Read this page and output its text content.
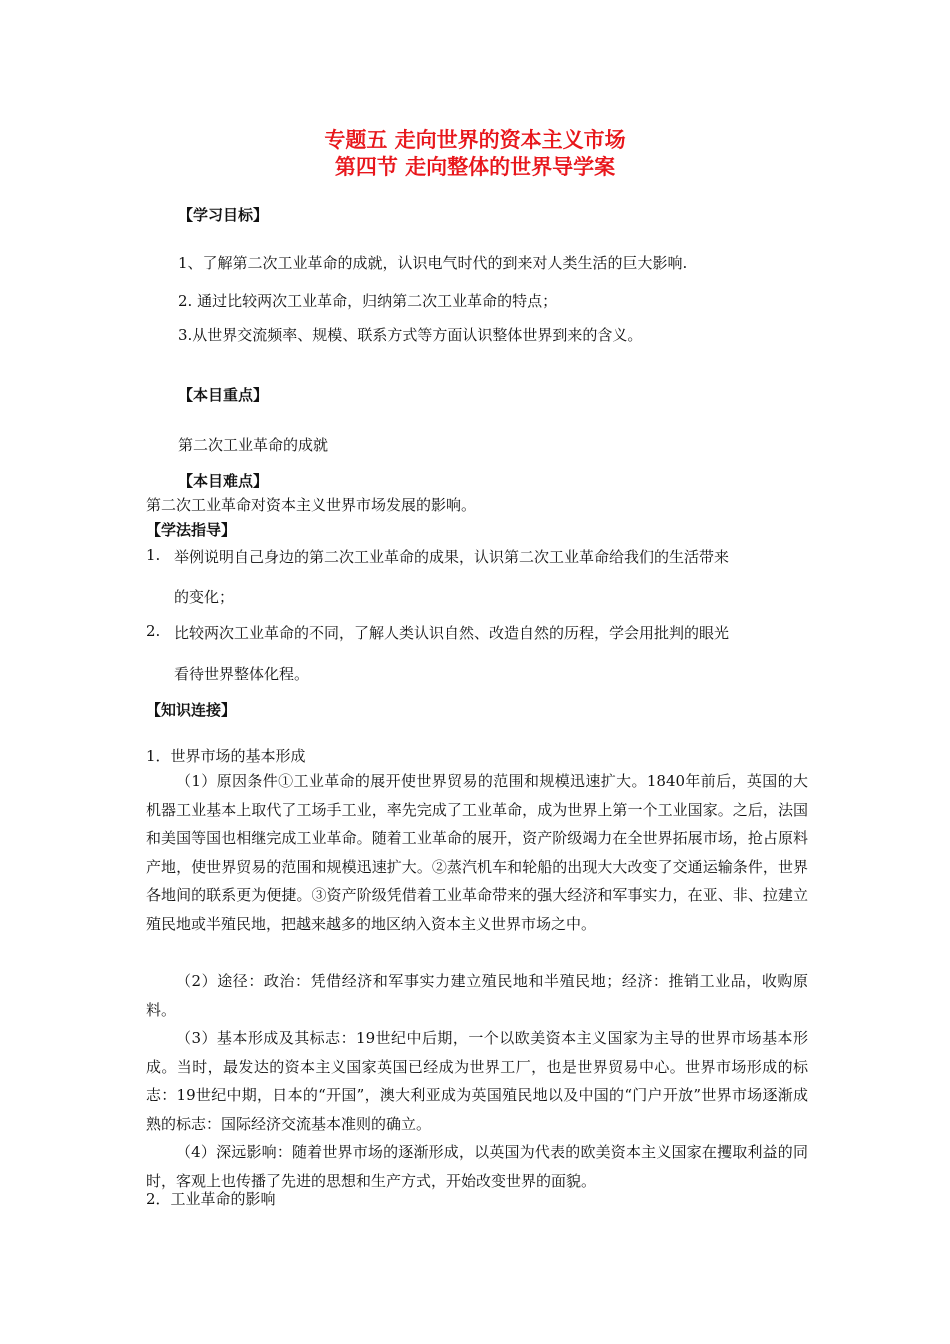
专题五 走向世界的资本主义市场
第四节 走向整体的世界导学案
【学习目标】
1、了解第二次工业革命的成就，认识电气时代的到来对人类生活的巨大影响.
2. 通过比较两次工业革命，归纳第二次工业革命的特点；
3.从世界交流频率、规模、联系方式等方面认识整体世界到来的含义。
【本目重点】
第二次工业革命的成就
【本目难点】
第二次工业革命对资本主义世界市场发展的影响。
【学法指导】
1. 举例说明自己身边的第二次工业革命的成果，认识第二次工业革命给我们的生活带来
的变化；
2. 比较两次工业革命的不同，了解人类认识自然、改造自然的历程，学会用批判的眼光
看待世界整体化程。
【知识连接】
1．世界市场的基本形成
（1）原因条件①工业革命的展开使世界贸易的范围和规模迅速扩大。1840年前后，英国的大机器工业基本上取代了工场手工业，率先完成了工业革命，成为世界上第一个工业国家。之后，法国和美国等国也相继完成工业革命。随着工业革命的展开，资产阶级竭力在全世界拓展市场，抢占原料产地，使世界贸易的范围和规模迅速扩大。②蒸汽机车和轮船的出现大大改变了交通运输条件，世界各地间的联系更为便捷。③资产阶级凭借着工业革命带来的强大经济和军事实力，在亚、非、拉建立殖民地或半殖民地，把越来越多的地区纳入资本主义世界市场之中。
（2）途径：政治：凭借经济和军事实力建立殖民地和半殖民地；经济：推销工业品，收购原料。
（3）基本形成及其标志：19世纪中后期，一个以欧美资本主义国家为主导的世界市场基本形成。当时，最发达的资本主义国家英国已经成为世界工厂，也是世界贸易中心。世界市场形成的标志：19世纪中期，日本的“开国”，澳大利亚成为英国殖民地以及中国的“门户开放”世界市场逐渐成熟的标志：国际经济交流基本准则的确立。
（4）深远影响：随着世界市场的逐渐形成，以英国为代表的欧美资本主义国家在攫取利益的同时，客观上也传播了先进的思想和生产方式，开始改变世界的面貌。
2．工业革命的影响
